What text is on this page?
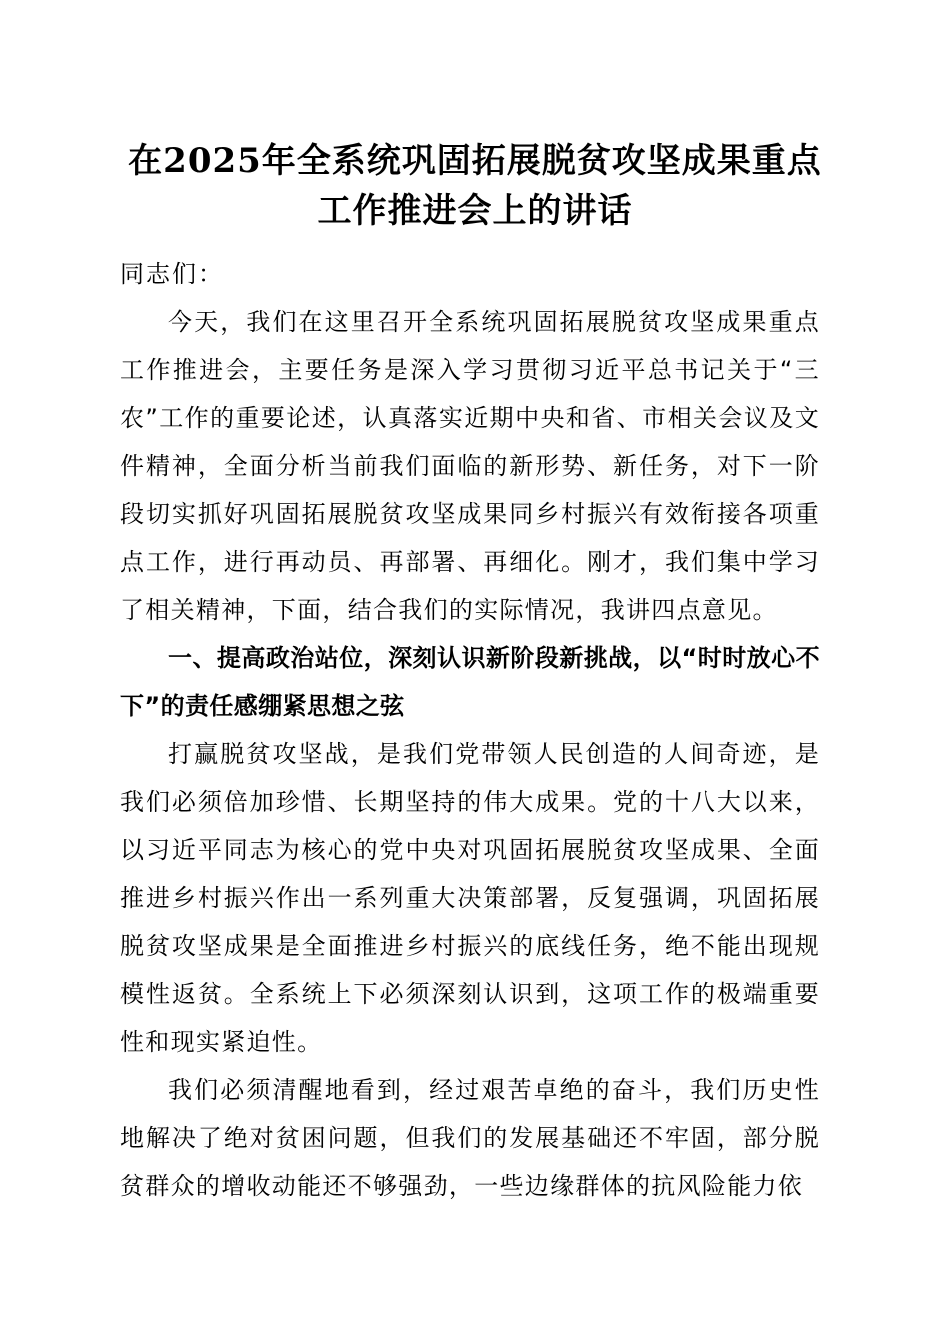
在2025年全系统巩固拓展脱贫攻坚成果重点
工作推进会上的讲话

同志们：

今天，我们在这里召开全系统巩固拓展脱贫攻坚成果重点工作推进会，主要任务是深入学习贯彻习近平总书记关于“三农”工作的重要论述，认真落实近期中央和省、市相关会议及文件精神，全面分析当前我们面临的新形势、新任务，对下一阶段切实抓好巩固拓展脱贫攻坚成果同乡村振兴有效衔接各项重点工作，进行再动员、再部署、再细化。刚才，我们集中学习了相关精神，下面，结合我们的实际情况，我讲四点意见。

一、提高政治站位，深刻认识新阶段新挑战，以“时时放心不下”的责任感绷紧思想之弦

打赢脱贫攻坚战，是我们党带领人民创造的人间奇迹，是我们必须倍加珍惜、长期坚持的伟大成果。党的十八大以来，以习近平同志为核心的党中央对巩固拓展脱贫攻坚成果、全面推进乡村振兴作出一系列重大决策部署，反复强调，巩固拓展脱贫攻坚成果是全面推进乡村振兴的底线任务，绝不能出现规模性返贫。全系统上下必须深刻认识到，这项工作的极端重要性和现实紧迫性。

我们必须清醒地看到，经过艰苦卓绝的奋斗，我们历史性地解决了绝对贫困问题，但我们的发展基础还不牢固，部分脱贫群众的增收动能还不够强劲，一些边缘群体的抗风险能力依
